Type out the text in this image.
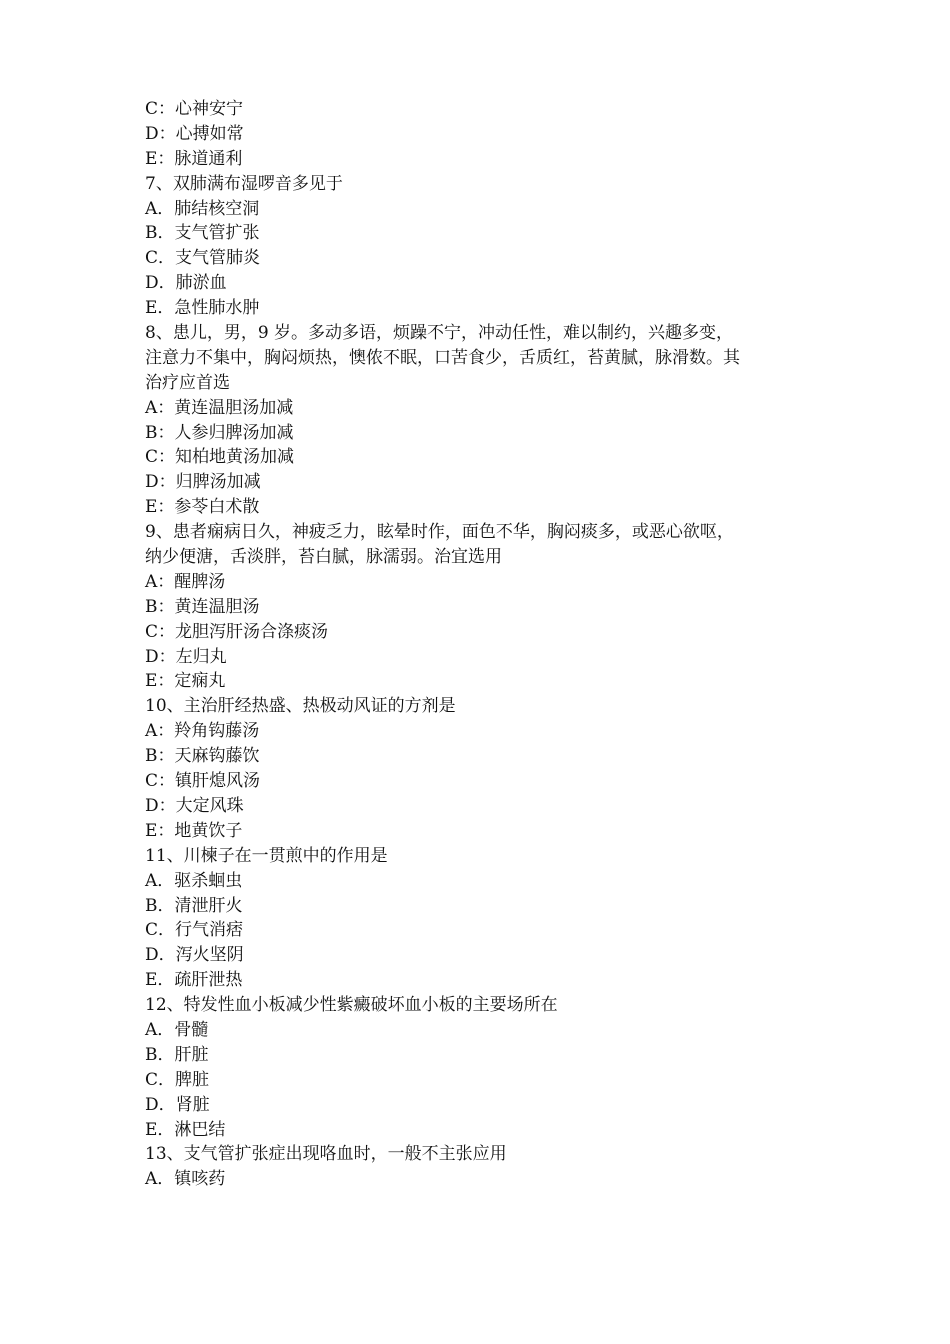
C：心神安宁
D：心搏如常
E：脉道通利
7、双肺满布湿啰音多见于
A．肺结核空洞
B．支气管扩张
C．支气管肺炎
D．肺淤血
E．急性肺水肿
8、患儿，男，9 岁。多动多语，烦躁不宁，冲动任性，难以制约，兴趣多变，
注意力不集中，胸闷烦热，懊侬不眠，口苦食少，舌质红，苔黄腻，脉滑数。其
治疗应首选
A：黄连温胆汤加减
B：人参归脾汤加减
C：知柏地黄汤加减
D：归脾汤加减
E：参苓白术散
9、患者痫病日久，神疲乏力，眩晕时作，面色不华，胸闷痰多，或恶心欲呕，
纳少便溏，舌淡胖，苔白腻，脉濡弱。治宜选用
A：醒脾汤
B：黄连温胆汤
C：龙胆泻肝汤合涤痰汤
D：左归丸
E：定痫丸
10、主治肝经热盛、热极动风证的方剂是
A：羚角钩藤汤
B：天麻钩藤饮
C：镇肝熄风汤
D：大定风珠
E：地黄饮子
11、川楝子在一贯煎中的作用是
A．驱杀蛔虫
B．清泄肝火
C．行气消痞
D．泻火坚阴
E．疏肝泄热
12、特发性血小板减少性紫癜破坏血小板的主要场所在
A．骨髓
B．肝脏
C．脾脏
D．肾脏
E．淋巴结
13、支气管扩张症出现咯血时，一般不主张应用
A．镇咳药
